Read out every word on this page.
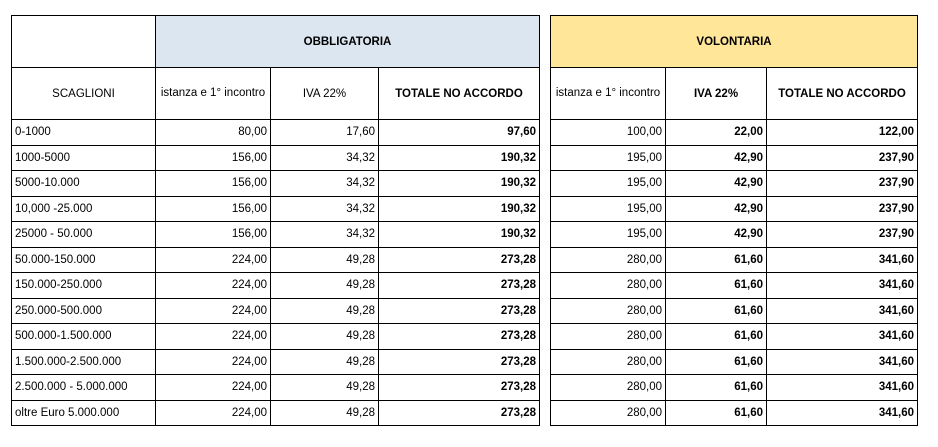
	OBBLIGATORIA				VOLONTARIA		
SCAGLIONI	istanza e 1° incontro	IVA 22%	TOTALE NO ACCORDO		istanza e 1° incontro	IVA 22%	TOTALE NO ACCORDO
0-1000	80,00	17,60	97,60		100,00	22,00	122,00
1000-5000	156,00	34,32	190,32		195,00	42,90	237,90
5000-10.000	156,00	34,32	190,32		195,00	42,90	237,90
10,000 -25.000	156,00	34,32	190,32		195,00	42,90	237,90
25000 - 50.000	156,00	34,32	190,32		195,00	42,90	237,90
50.000-150.000	224,00	49,28	273,28		280,00	61,60	341,60
150.000-250.000	224,00	49,28	273,28		280,00	61,60	341,60
250.000-500.000	224,00	49,28	273,28		280,00	61,60	341,60
500.000-1.500.000	224,00	49,28	273,28		280,00	61,60	341,60
1.500.000-2.500.000	224,00	49,28	273,28		280,00	61,60	341,60
2.500.000 - 5.000.000	224,00	49,28	273,28		280,00	61,60	341,60
oltre Euro 5.000.000	224,00	49,28	273,28		280,00	61,60	341,60
